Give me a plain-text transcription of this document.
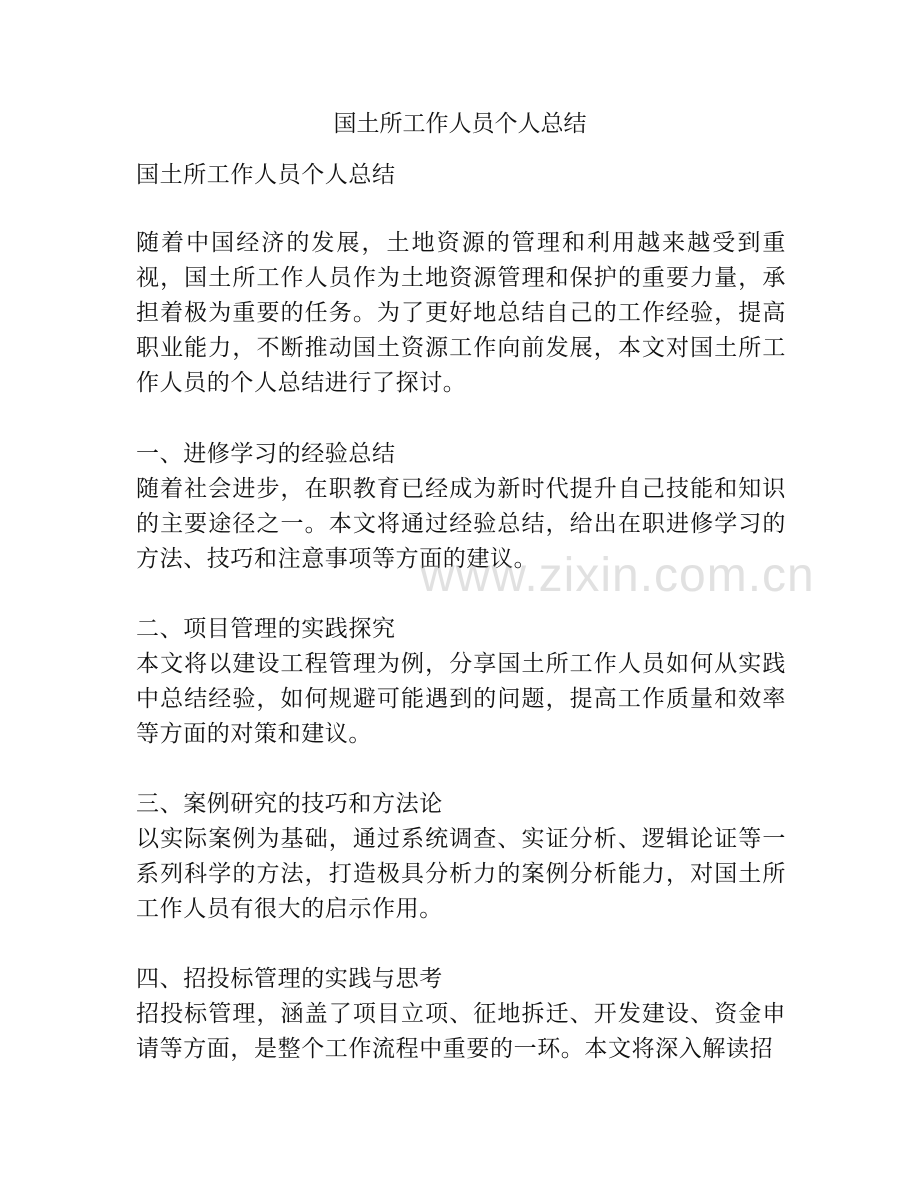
国土所工作人员个人总结

国土所工作人员个人总结

随着中国经济的发展，土地资源的管理和利用越来越受到重视，国土所工作人员作为土地资源管理和保护的重要力量，承担着极为重要的任务。为了更好地总结自己的工作经验，提高职业能力，不断推动国土资源工作向前发展，本文对国土所工作人员的个人总结进行了探讨。

一、进修学习的经验总结

随着社会进步，在职教育已经成为新时代提升自己技能和知识的主要途径之一。本文将通过经验总结，给出在职进修学习的方法、技巧和注意事项等方面的建议。

二、项目管理的实践探究

本文将以建设工程管理为例，分享国土所工作人员如何从实践中总结经验，如何规避可能遇到的问题，提高工作质量和效率等方面的对策和建议。

三、案例研究的技巧和方法论

以实际案例为基础，通过系统调查、实证分析、逻辑论证等一系列科学的方法，打造极具分析力的案例分析能力，对国土所工作人员有很大的启示作用。

四、招投标管理的实践与思考

招投标管理，涵盖了项目立项、征地拆迁、开发建设、资金申请等方面，是整个工作流程中重要的一环。本文将深入解读招

www.zixin.com.cn
